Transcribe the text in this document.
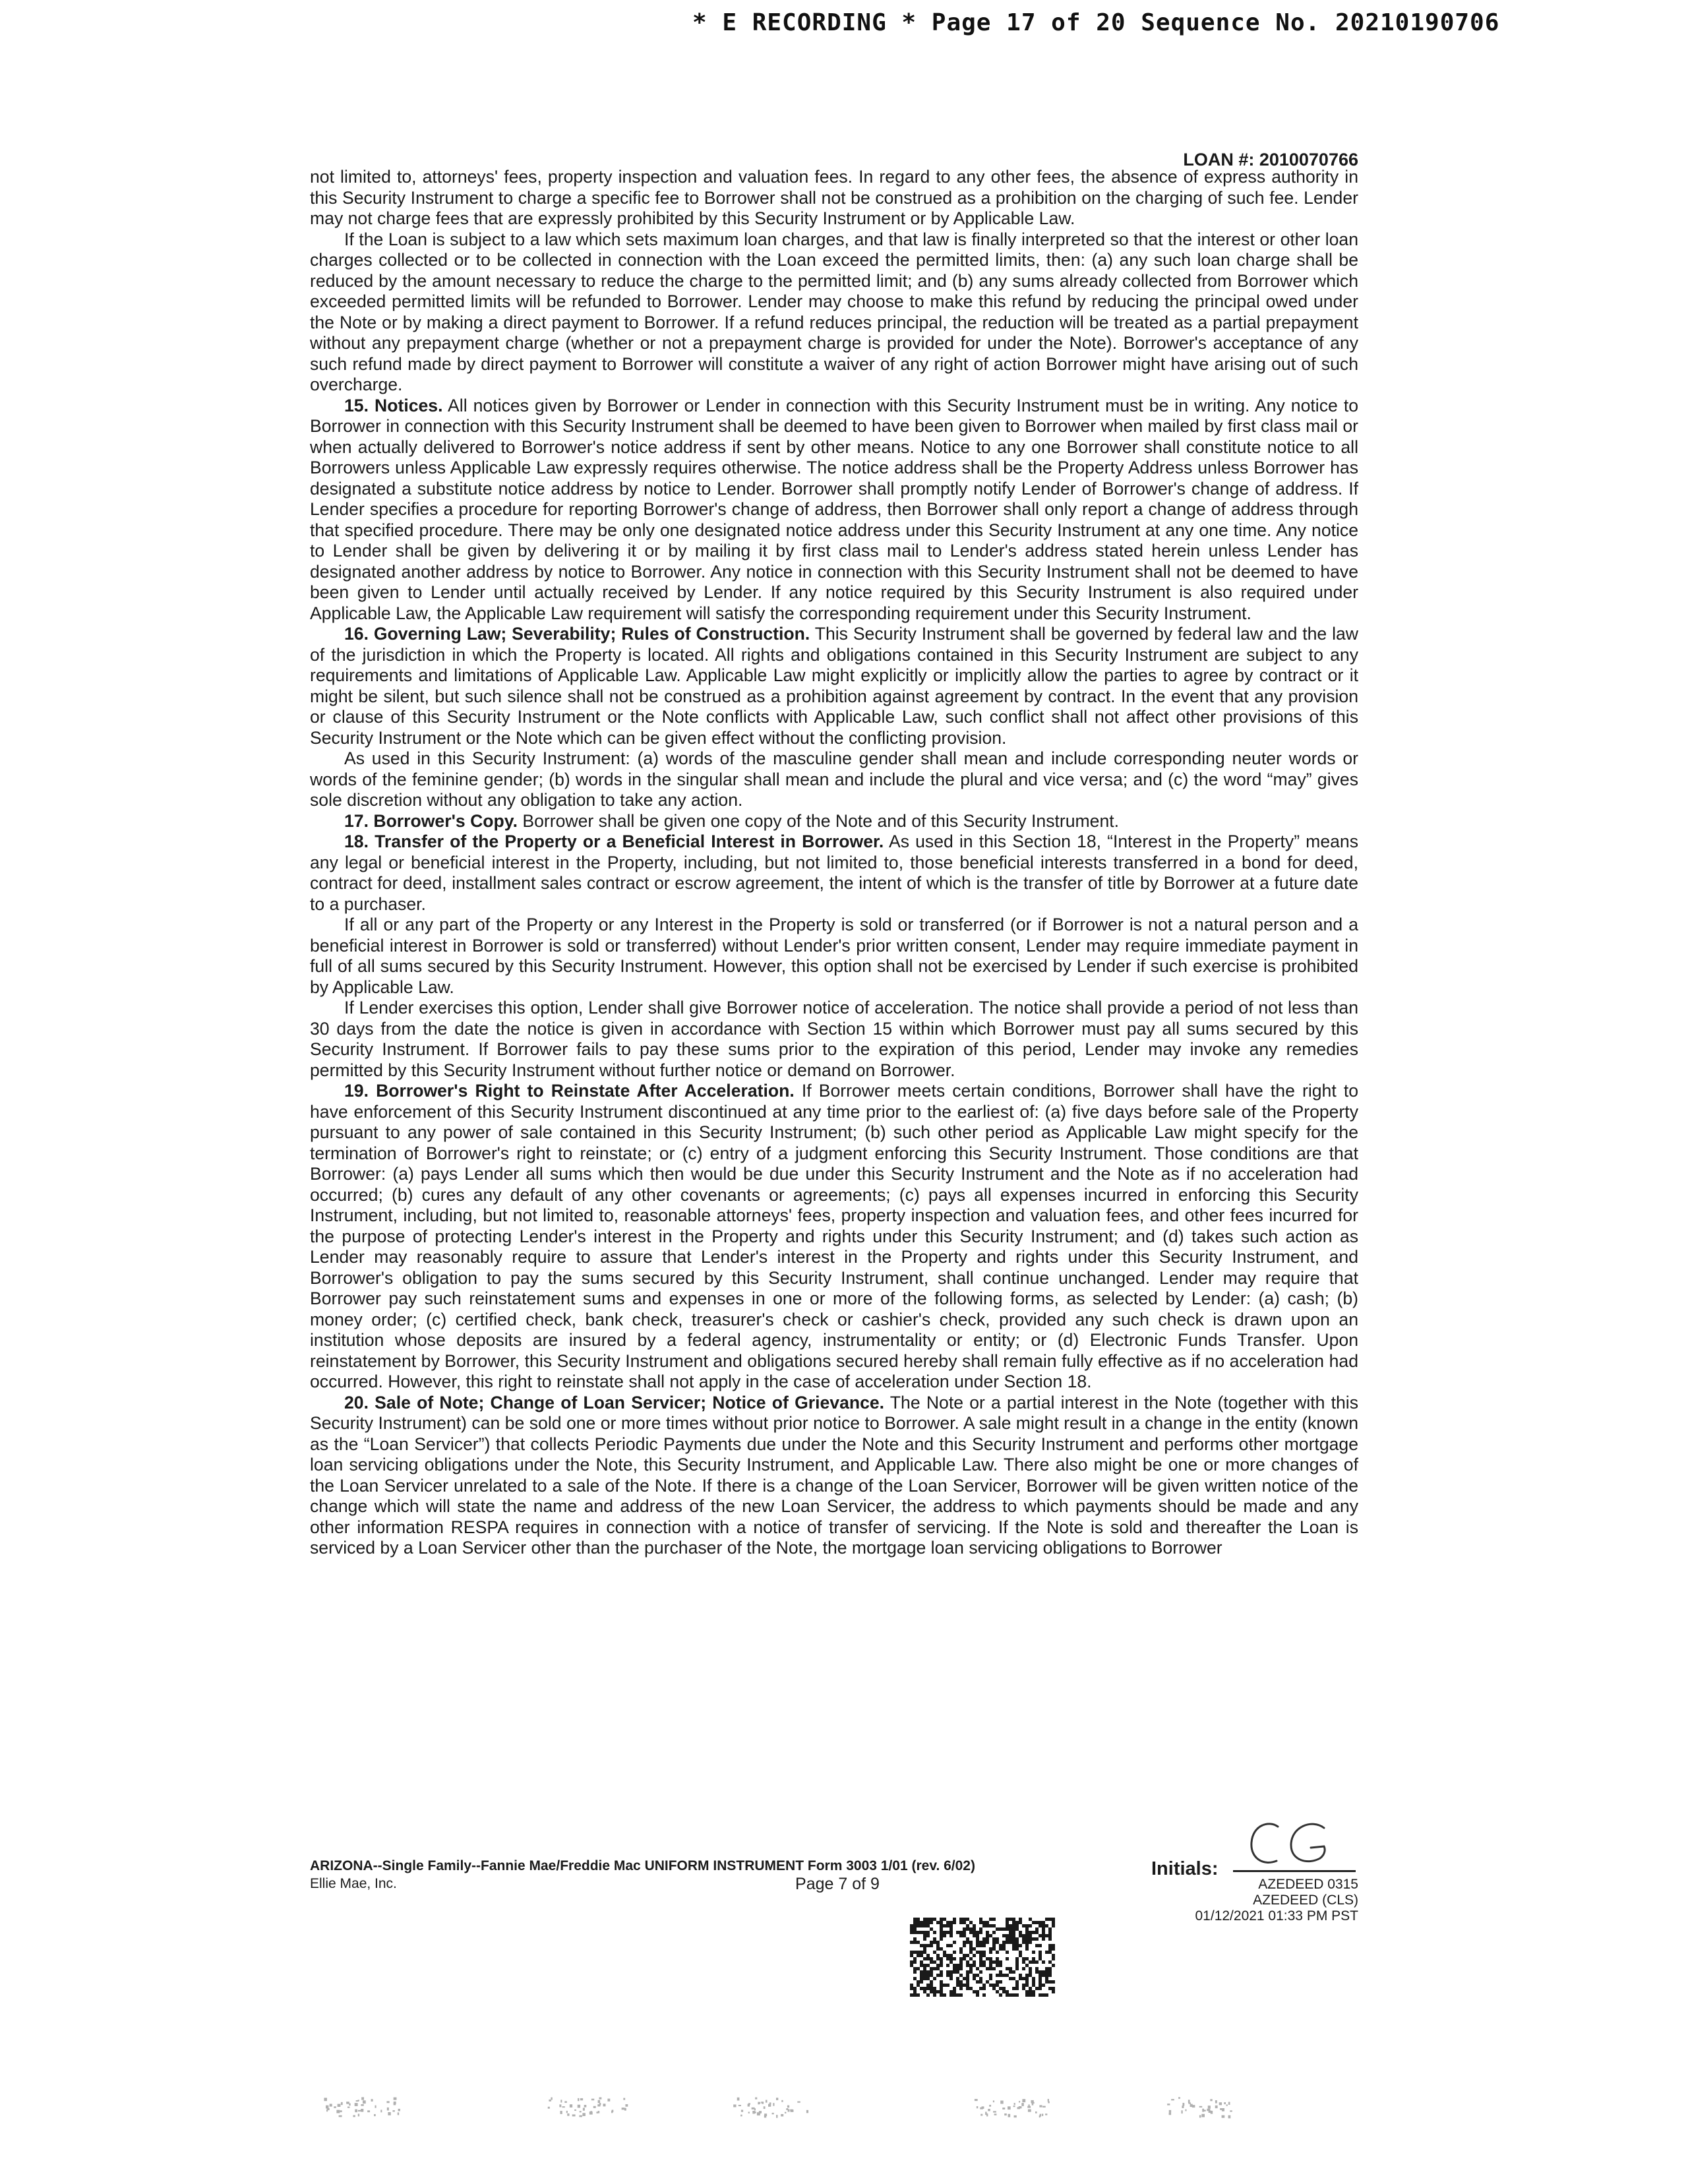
* E RECORDING * Page 17 of 20 Sequence No. 20210190706
LOAN #: 2010070766

not limited to, attorneys' fees, property inspection and valuation fees. In regard to any other fees, the absence of express authority in this Security Instrument to charge a specific fee to Borrower shall not be construed as a prohibition on the charging of such fee. Lender may not charge fees that are expressly prohibited by this Security Instrument or by Applicable Law.

If the Loan is subject to a law which sets maximum loan charges, and that law is finally interpreted so that the interest or other loan charges collected or to be collected in connection with the Loan exceed the permitted limits, then: (a) any such loan charge shall be reduced by the amount necessary to reduce the charge to the permitted limit; and (b) any sums already collected from Borrower which exceeded permitted limits will be refunded to Borrower. Lender may choose to make this refund by reducing the principal owed under the Note or by making a direct payment to Borrower. If a refund reduces principal, the reduction will be treated as a partial prepayment without any prepayment charge (whether or not a prepayment charge is provided for under the Note). Borrower's acceptance of any such refund made by direct payment to Borrower will constitute a waiver of any right of action Borrower might have arising out of such overcharge.

15. Notices. All notices given by Borrower or Lender in connection with this Security Instrument must be in writing. Any notice to Borrower in connection with this Security Instrument shall be deemed to have been given to Borrower when mailed by first class mail or when actually delivered to Borrower's notice address if sent by other means. Notice to any one Borrower shall constitute notice to all Borrowers unless Applicable Law expressly requires otherwise. The notice address shall be the Property Address unless Borrower has designated a substitute notice address by notice to Lender. Borrower shall promptly notify Lender of Borrower's change of address. If Lender specifies a procedure for reporting Borrower's change of address, then Borrower shall only report a change of address through that specified procedure. There may be only one designated notice address under this Security Instrument at any one time. Any notice to Lender shall be given by delivering it or by mailing it by first class mail to Lender's address stated herein unless Lender has designated another address by notice to Borrower. Any notice in connection with this Security Instrument shall not be deemed to have been given to Lender until actually received by Lender. If any notice required by this Security Instrument is also required under Applicable Law, the Applicable Law requirement will satisfy the corresponding requirement under this Security Instrument.

16. Governing Law; Severability; Rules of Construction. This Security Instrument shall be governed by federal law and the law of the jurisdiction in which the Property is located. All rights and obligations contained in this Security Instrument are subject to any requirements and limitations of Applicable Law. Applicable Law might explicitly or implicitly allow the parties to agree by contract or it might be silent, but such silence shall not be construed as a prohibition against agreement by contract. In the event that any provision or clause of this Security Instrument or the Note conflicts with Applicable Law, such conflict shall not affect other provisions of this Security Instrument or the Note which can be given effect without the conflicting provision.

As used in this Security Instrument: (a) words of the masculine gender shall mean and include corresponding neuter words or words of the feminine gender; (b) words in the singular shall mean and include the plural and vice versa; and (c) the word “may” gives sole discretion without any obligation to take any action.

17. Borrower's Copy. Borrower shall be given one copy of the Note and of this Security Instrument.

18. Transfer of the Property or a Beneficial Interest in Borrower. As used in this Section 18, “Interest in the Property” means any legal or beneficial interest in the Property, including, but not limited to, those beneficial interests transferred in a bond for deed, contract for deed, installment sales contract or escrow agreement, the intent of which is the transfer of title by Borrower at a future date to a purchaser.

If all or any part of the Property or any Interest in the Property is sold or transferred (or if Borrower is not a natural person and a beneficial interest in Borrower is sold or transferred) without Lender's prior written consent, Lender may require immediate payment in full of all sums secured by this Security Instrument. However, this option shall not be exercised by Lender if such exercise is prohibited by Applicable Law.

If Lender exercises this option, Lender shall give Borrower notice of acceleration. The notice shall provide a period of not less than 30 days from the date the notice is given in accordance with Section 15 within which Borrower must pay all sums secured by this Security Instrument. If Borrower fails to pay these sums prior to the expiration of this period, Lender may invoke any remedies permitted by this Security Instrument without further notice or demand on Borrower.

19. Borrower's Right to Reinstate After Acceleration. If Borrower meets certain conditions, Borrower shall have the right to have enforcement of this Security Instrument discontinued at any time prior to the earliest of: (a) five days before sale of the Property pursuant to any power of sale contained in this Security Instrument; (b) such other period as Applicable Law might specify for the termination of Borrower's right to reinstate; or (c) entry of a judgment enforcing this Security Instrument. Those conditions are that Borrower: (a) pays Lender all sums which then would be due under this Security Instrument and the Note as if no acceleration had occurred; (b) cures any default of any other covenants or agreements; (c) pays all expenses incurred in enforcing this Security Instrument, including, but not limited to, reasonable attorneys' fees, property inspection and valuation fees, and other fees incurred for the purpose of protecting Lender's interest in the Property and rights under this Security Instrument; and (d) takes such action as Lender may reasonably require to assure that Lender's interest in the Property and rights under this Security Instrument, and Borrower's obligation to pay the sums secured by this Security Instrument, shall continue unchanged. Lender may require that Borrower pay such reinstatement sums and expenses in one or more of the following forms, as selected by Lender: (a) cash; (b) money order; (c) certified check, bank check, treasurer's check or cashier's check, provided any such check is drawn upon an institution whose deposits are insured by a federal agency, instrumentality or entity; or (d) Electronic Funds Transfer. Upon reinstatement by Borrower, this Security Instrument and obligations secured hereby shall remain fully effective as if no acceleration had occurred. However, this right to reinstate shall not apply in the case of acceleration under Section 18.

20. Sale of Note; Change of Loan Servicer; Notice of Grievance. The Note or a partial interest in the Note (together with this Security Instrument) can be sold one or more times without prior notice to Borrower. A sale might result in a change in the entity (known as the “Loan Servicer”) that collects Periodic Payments due under the Note and this Security Instrument and performs other mortgage loan servicing obligations under the Note, this Security Instrument, and Applicable Law. There also might be one or more changes of the Loan Servicer unrelated to a sale of the Note. If there is a change of the Loan Servicer, Borrower will be given written notice of the change which will state the name and address of the new Loan Servicer, the address to which payments should be made and any other information RESPA requires in connection with a notice of transfer of servicing. If the Note is sold and thereafter the Loan is serviced by a Loan Servicer other than the purchaser of the Note, the mortgage loan servicing obligations to Borrower

ARIZONA--Single Family--Fannie Mae/Freddie Mac UNIFORM INSTRUMENT Form 3003 1/01 (rev. 6/02)
Ellie Mae, Inc.	Page 7 of 9
Initials:
AZEDEED 0315
AZEDEED (CLS)
01/12/2021 01:33 PM PST
